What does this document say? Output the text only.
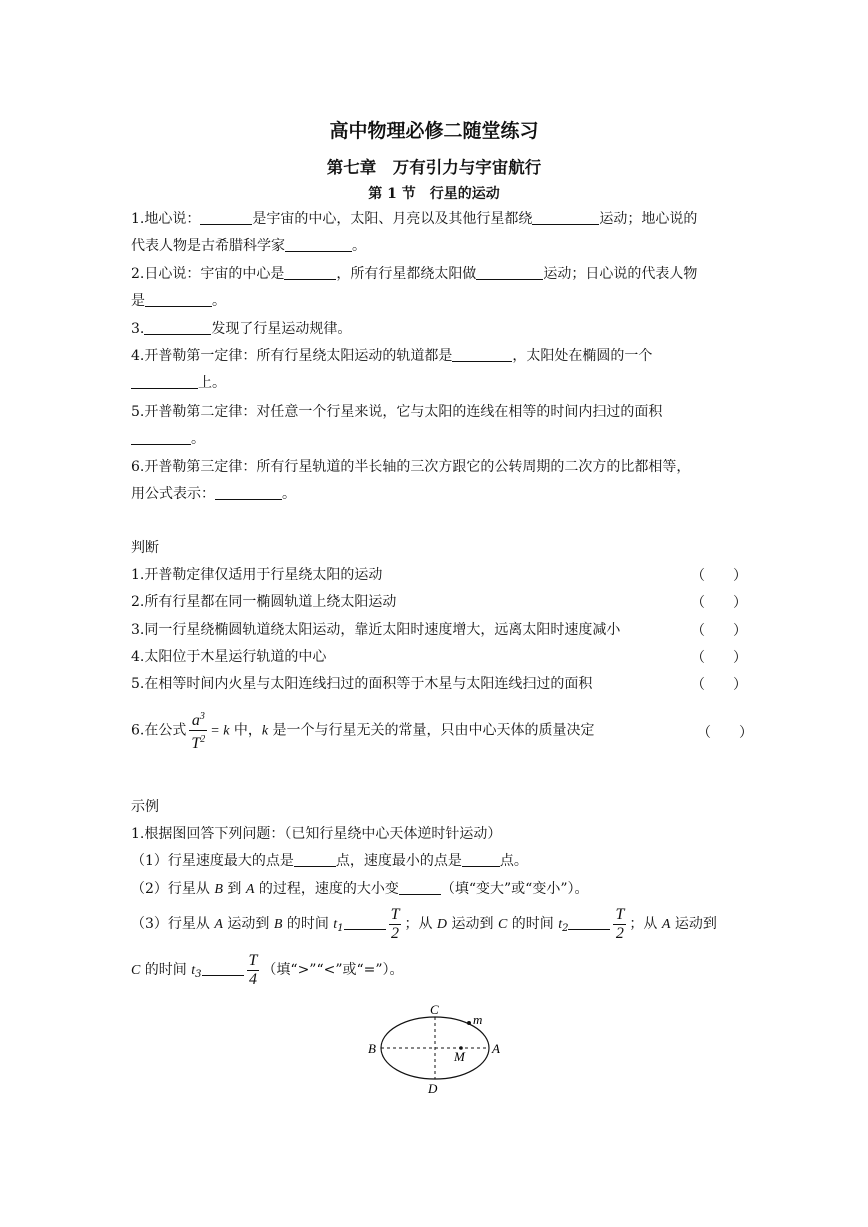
高中物理必修二随堂练习
第七章　万有引力与宇宙航行
第 1 节　行星的运动
1.地心说：	是宇宙的中心，太阳、月亮以及其他行星都绕	运动；地心说的
代表人物是古希腊科学家	。
2.日心说：宇宙的中心是	，所有行星都绕太阳做	运动；日心说的代表人物
是	。
3.	发现了行星运动规律。
4.开普勒第一定律：所有行星绕太阳运动的轨道都是	，太阳处在椭圆的一个
上。
5.开普勒第二定律：对任意一个行星来说，它与太阳的连线在相等的时间内扫过的面积
。
6.开普勒第三定律：所有行星轨道的半长轴的三次方跟它的公转周期的二次方的比都相等，
用公式表示：	。
判断
1.开普勒定律仅适用于行星绕太阳的运动	（　　）
2.所有行星都在同一椭圆轨道上绕太阳运动	（　　）
3.同一行星绕椭圆轨道绕太阳运动，靠近太阳时速度增大，远离太阳时速度减小	（　　）
4.太阳位于木星运行轨道的中心	（　　）
5.在相等时间内火星与太阳连线扫过的面积等于木星与太阳连线扫过的面积	（　　）
6.在公式 $\frac{a^3}{T^2} = k$ 中，k 是一个与行星无关的常量，只由中心天体的质量决定	（　　）
示例
1.根据图回答下列问题：（已知行星绕中心天体逆时针运动）
（1）行星速度最大的点是	点，速度最小的点是	点。
（2）行星从 B 到 A 的过程，速度的大小变	（填“变大”或“变小”）。
（3）行星从 A 运动到 B 的时间 $t_1$	$\frac{T}{2}$ ；从 D 运动到 C 的时间 $t_2$	$\frac{T}{2}$ ；从 A 运动到
C 的时间 $t_3$	$\frac{T}{4}$ （填“>”“<”或“=”）。
C
D
B	A
M
m
